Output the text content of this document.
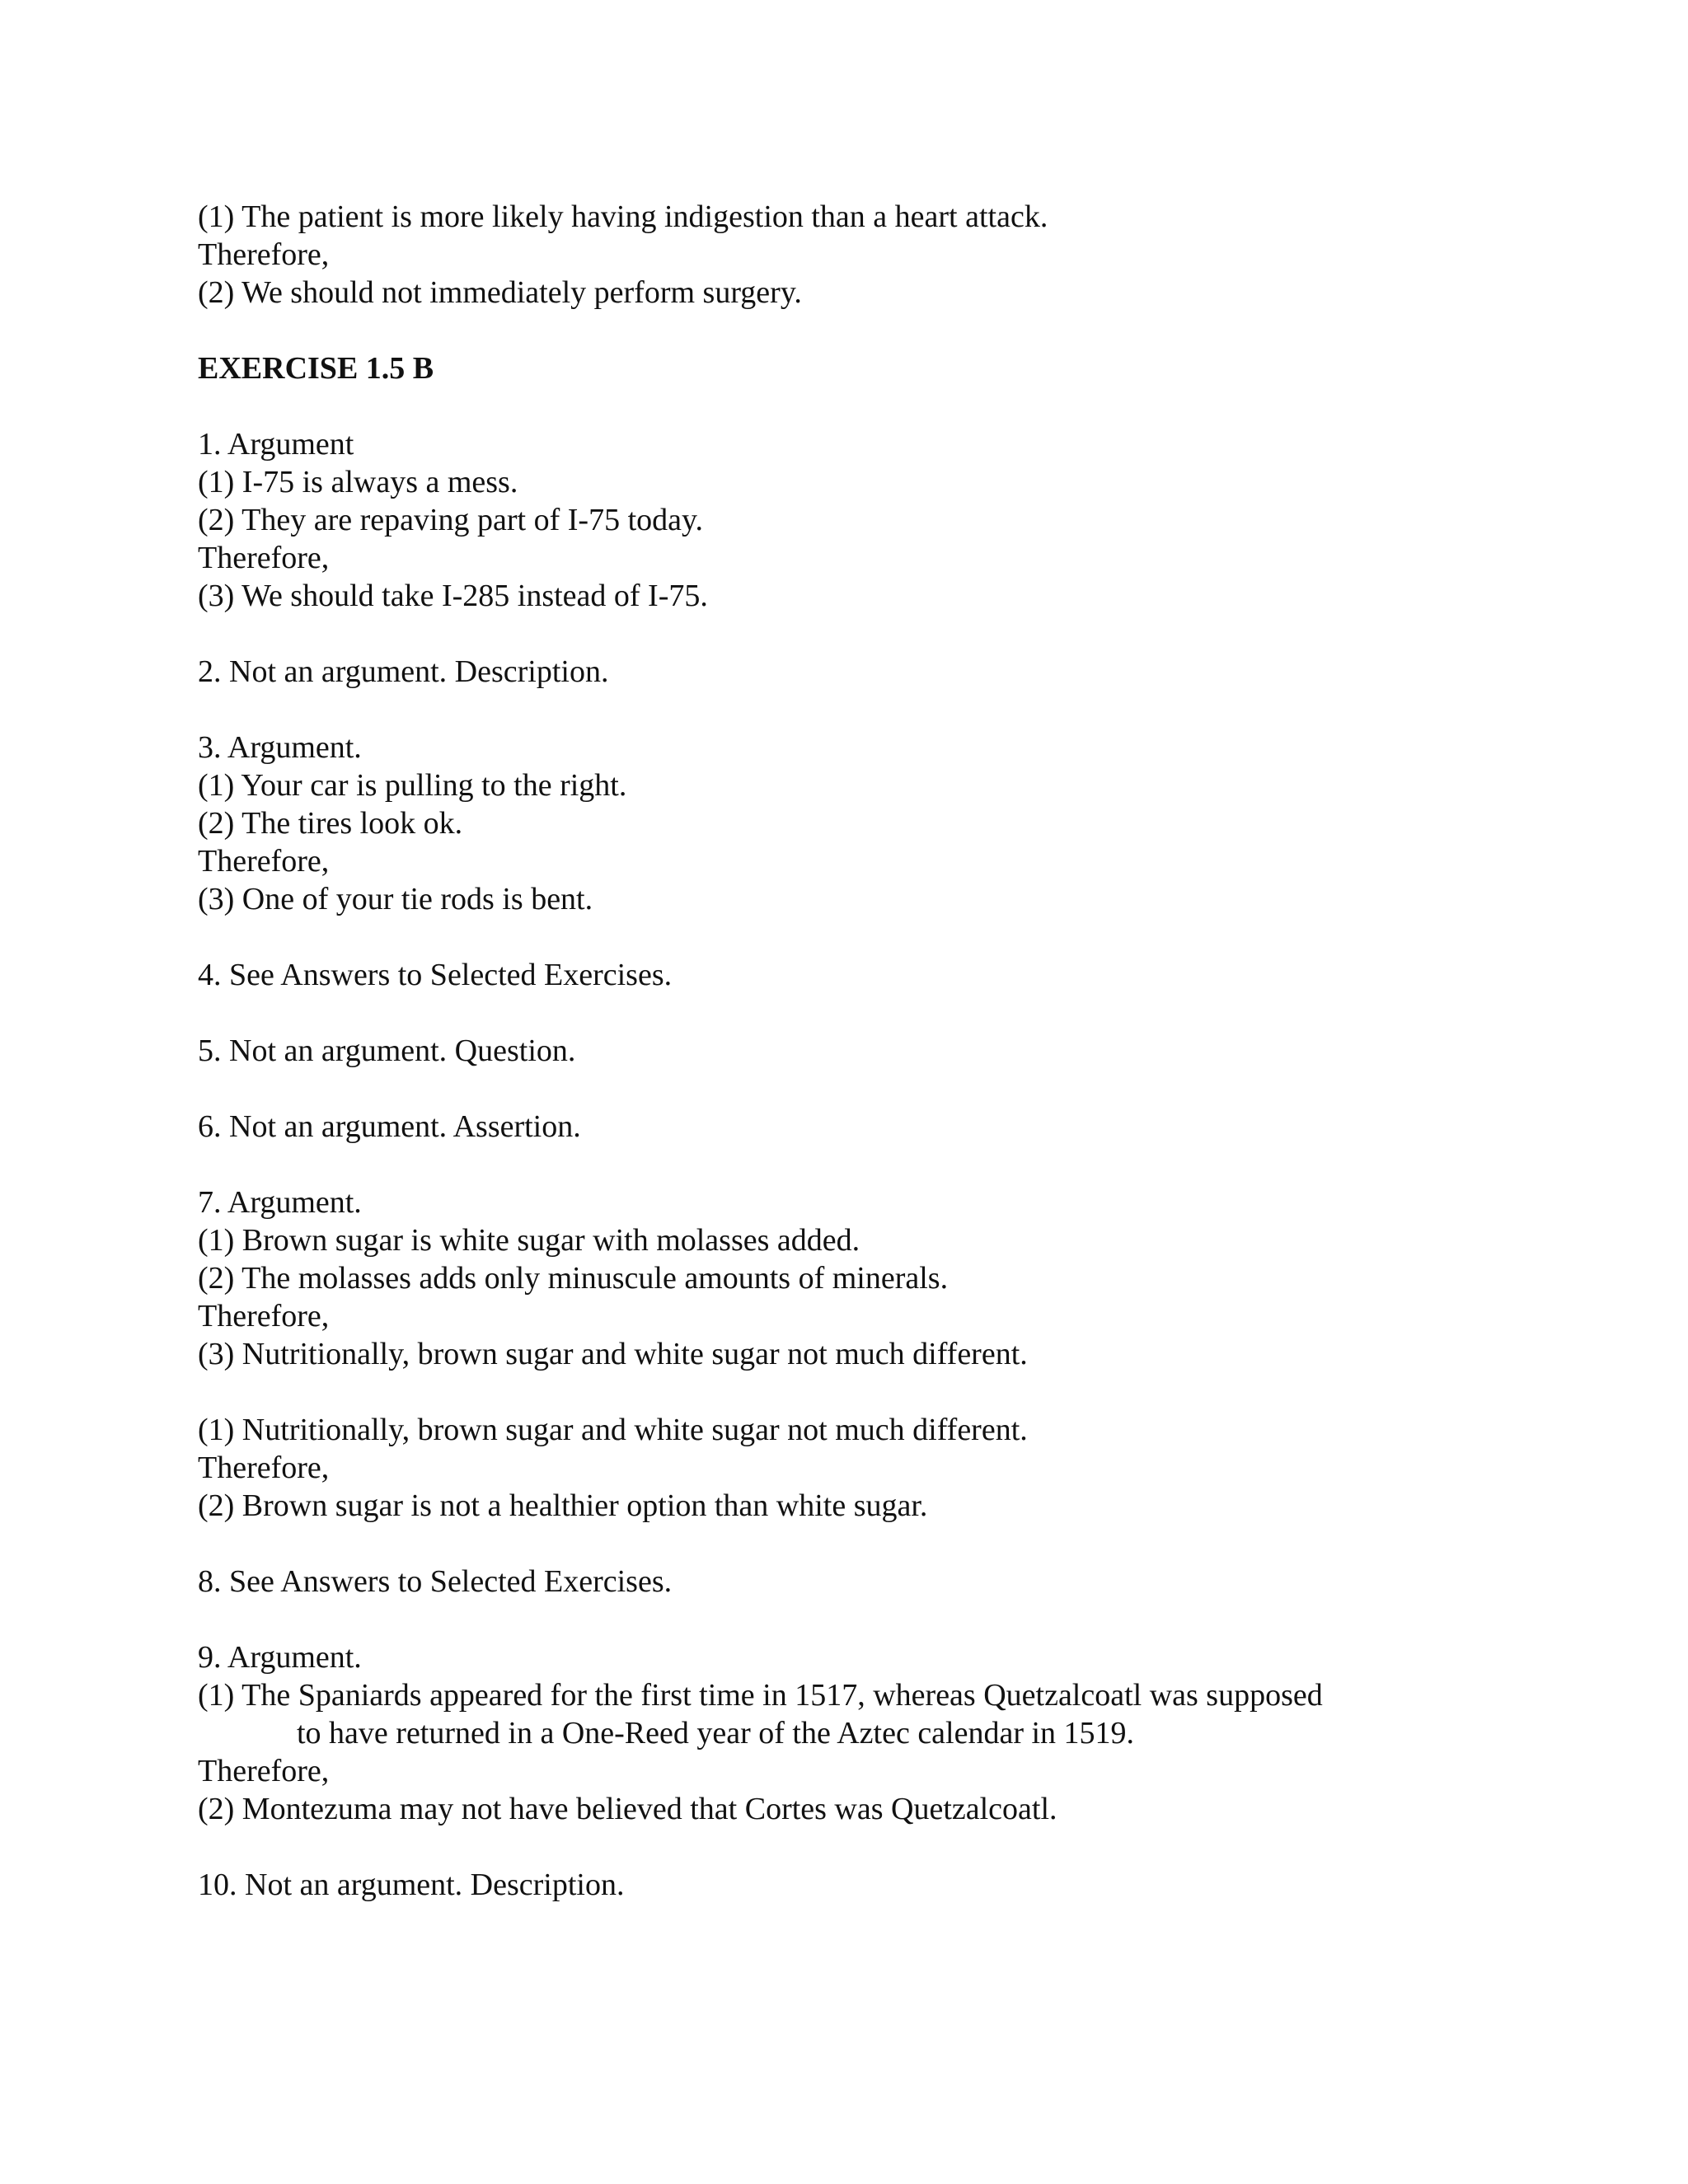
(1) The patient is more likely having indigestion than a heart attack.
Therefore,
(2) We should not immediately perform surgery.
EXERCISE 1.5 B
1. Argument
(1) I-75 is always a mess.
(2) They are repaving part of I-75 today.
Therefore,
(3) We should take I-285 instead of I-75.
2. Not an argument. Description.
3. Argument.
(1) Your car is pulling to the right.
(2) The tires look ok.
Therefore,
(3) One of your tie rods is bent.
4. See Answers to Selected Exercises.
5. Not an argument. Question.
6. Not an argument. Assertion.
7. Argument.
(1) Brown sugar is white sugar with molasses added.
(2) The molasses adds only minuscule amounts of minerals.
Therefore,
(3) Nutritionally, brown sugar and white sugar not much different.
(1) Nutritionally, brown sugar and white sugar not much different.
Therefore,
(2) Brown sugar is not a healthier option than white sugar.
8. See Answers to Selected Exercises.
9. Argument.
(1) The Spaniards appeared for the first time in 1517, whereas Quetzalcoatl was supposed
to have returned in a One-Reed year of the Aztec calendar in 1519.
Therefore,
(2) Montezuma may not have believed that Cortes was Quetzalcoatl.
10. Not an argument. Description.
